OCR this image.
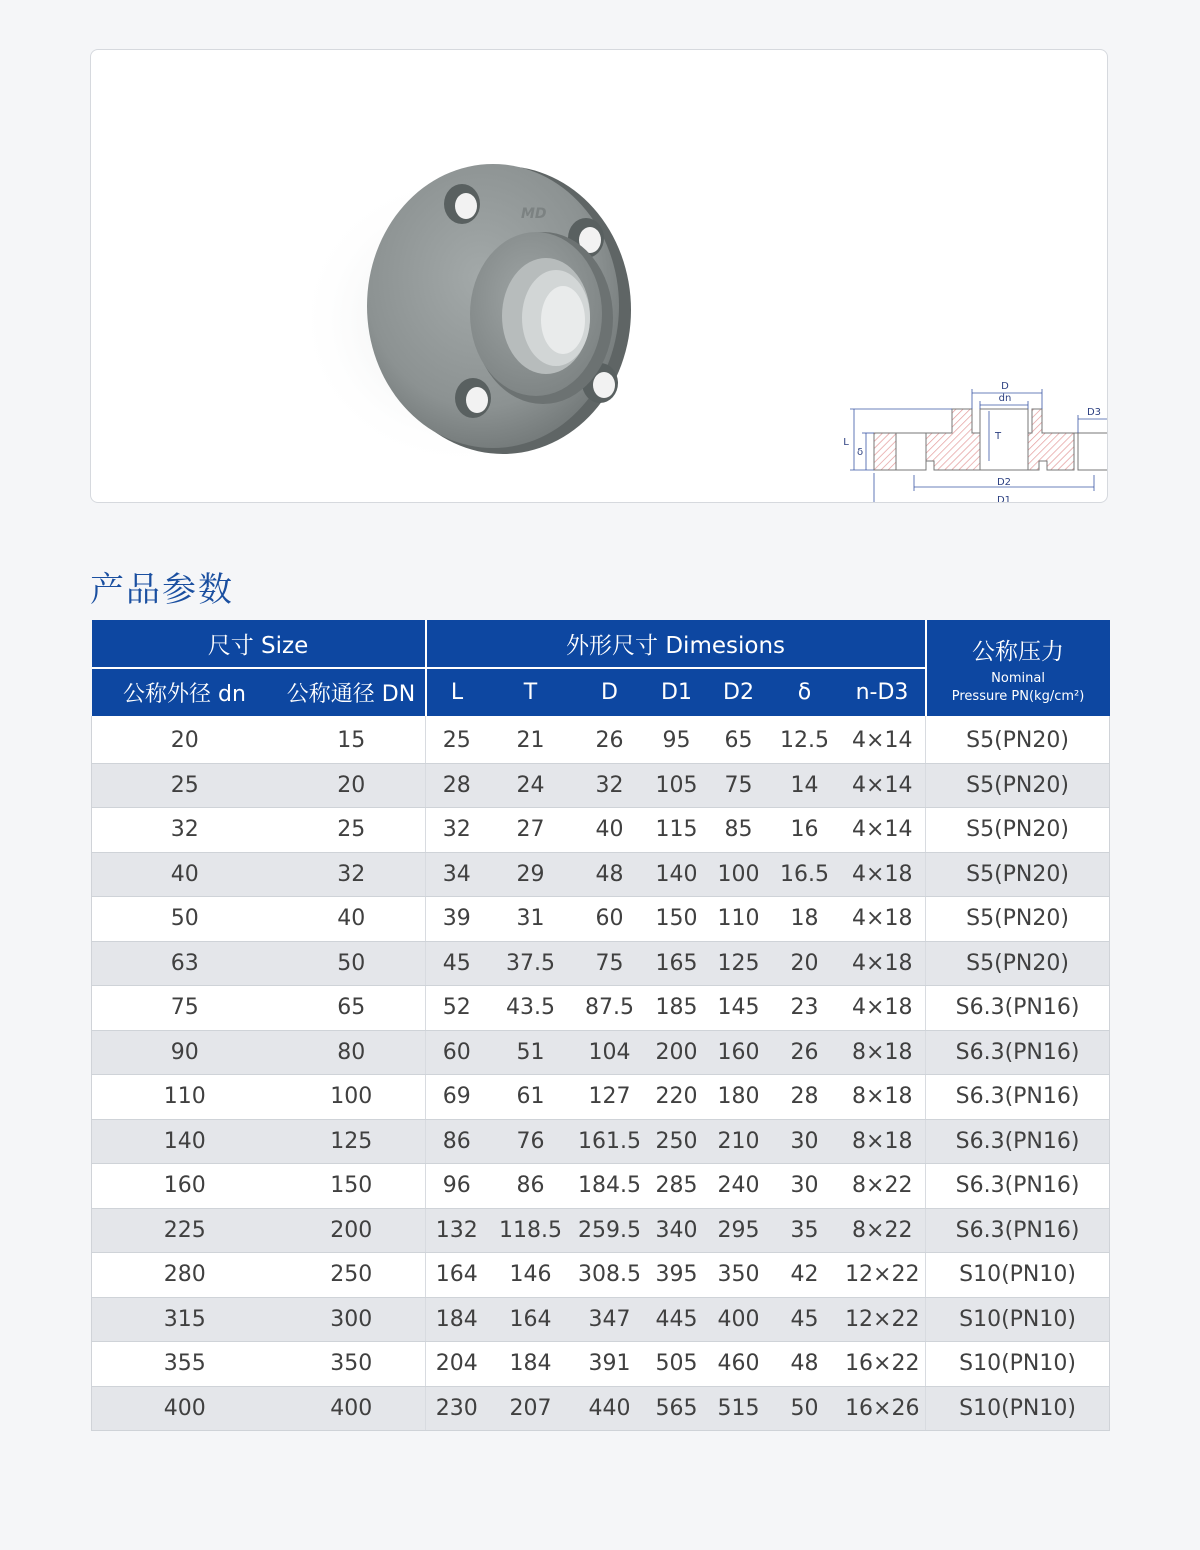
MD
D
dn
D3
L
δ
T
D2
D1
产品参数
尺寸 Size		外形尺寸 Dimesions							公称压力
Nominal
Pressure PN(kg/cm²)

公称外径 dn	公称通径 DN	L	T	D	D1	D2	δ	n-D3	
20	15	25	21	26	95	65	12.5	4×14	S5(PN20)
25	20	28	24	32	105	75	14	4×14	S5(PN20)
32	25	32	27	40	115	85	16	4×14	S5(PN20)
40	32	34	29	48	140	100	16.5	4×18	S5(PN20)
50	40	39	31	60	150	110	18	4×18	S5(PN20)
63	50	45	37.5	75	165	125	20	4×18	S5(PN20)
75	65	52	43.5	87.5	185	145	23	4×18	S6.3(PN16)
90	80	60	51	104	200	160	26	8×18	S6.3(PN16)
110	100	69	61	127	220	180	28	8×18	S6.3(PN16)
140	125	86	76	161.5	250	210	30	8×18	S6.3(PN16)
160	150	96	86	184.5	285	240	30	8×22	S6.3(PN16)
225	200	132	118.5	259.5	340	295	35	8×22	S6.3(PN16)
280	250	164	146	308.5	395	350	42	12×22	S10(PN10)
315	300	184	164	347	445	400	45	12×22	S10(PN10)
355	350	204	184	391	505	460	48	16×22	S10(PN10)
400	400	230	207	440	565	515	50	16×26	S10(PN10)
